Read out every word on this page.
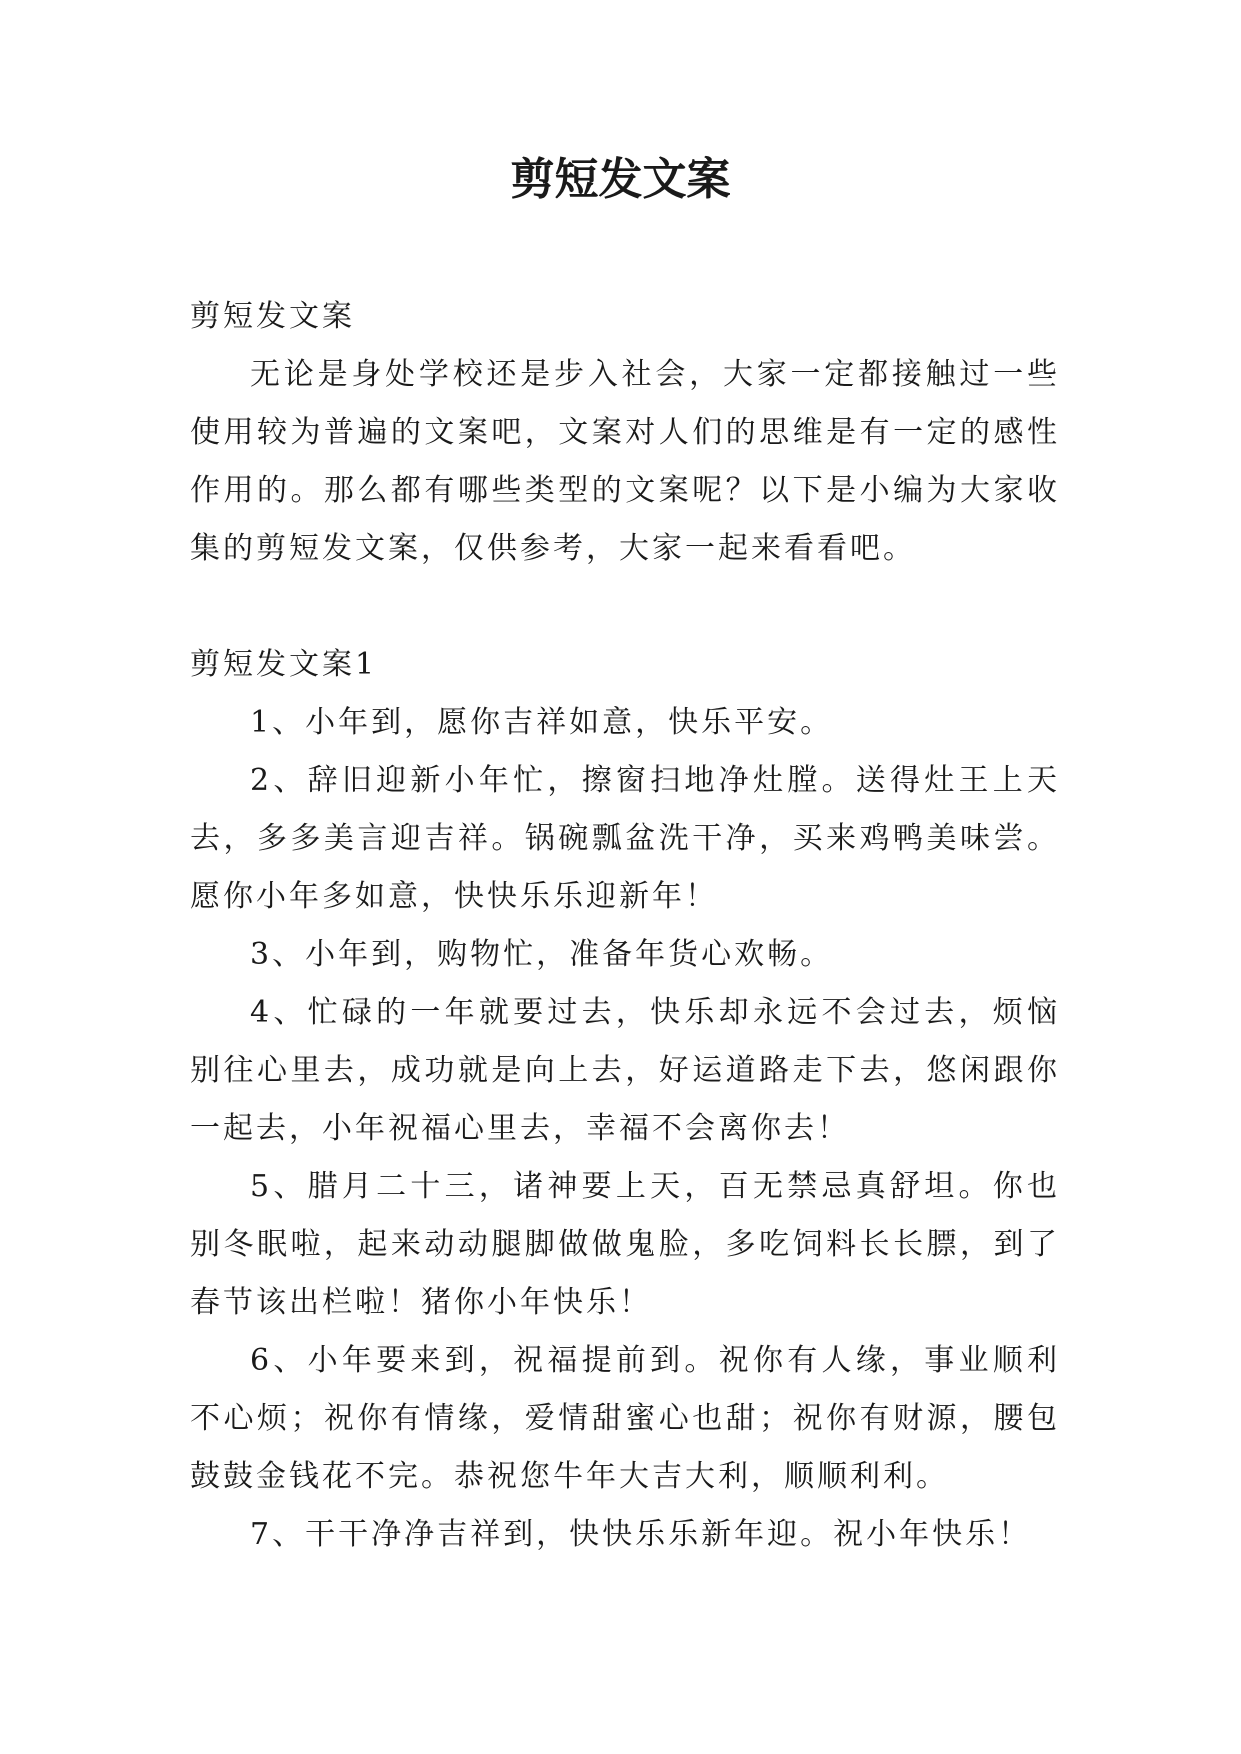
剪短发文案

剪短发文案

无论是身处学校还是步入社会，大家一定都接触过一些使用较为普遍的文案吧，文案对人们的思维是有一定的感性作用的。那么都有哪些类型的文案呢？以下是小编为大家收集的剪短发文案，仅供参考，大家一起来看看吧。

剪短发文案1

1、小年到，愿你吉祥如意，快乐平安。

2、辞旧迎新小年忙，擦窗扫地净灶膛。送得灶王上天去，多多美言迎吉祥。锅碗瓢盆洗干净，买来鸡鸭美味尝。愿你小年多如意，快快乐乐迎新年！

3、小年到，购物忙，准备年货心欢畅。

4、忙碌的一年就要过去，快乐却永远不会过去，烦恼别往心里去，成功就是向上去，好运道路走下去，悠闲跟你一起去，小年祝福心里去，幸福不会离你去！

5、腊月二十三，诸神要上天，百无禁忌真舒坦。你也别冬眠啦，起来动动腿脚做做鬼脸，多吃饲料长长膘，到了春节该出栏啦！猪你小年快乐！

6、小年要来到，祝福提前到。祝你有人缘，事业顺利不心烦；祝你有情缘，爱情甜蜜心也甜；祝你有财源，腰包鼓鼓金钱花不完。恭祝您牛年大吉大利，顺顺利利。

7、干干净净吉祥到，快快乐乐新年迎。祝小年快乐！
